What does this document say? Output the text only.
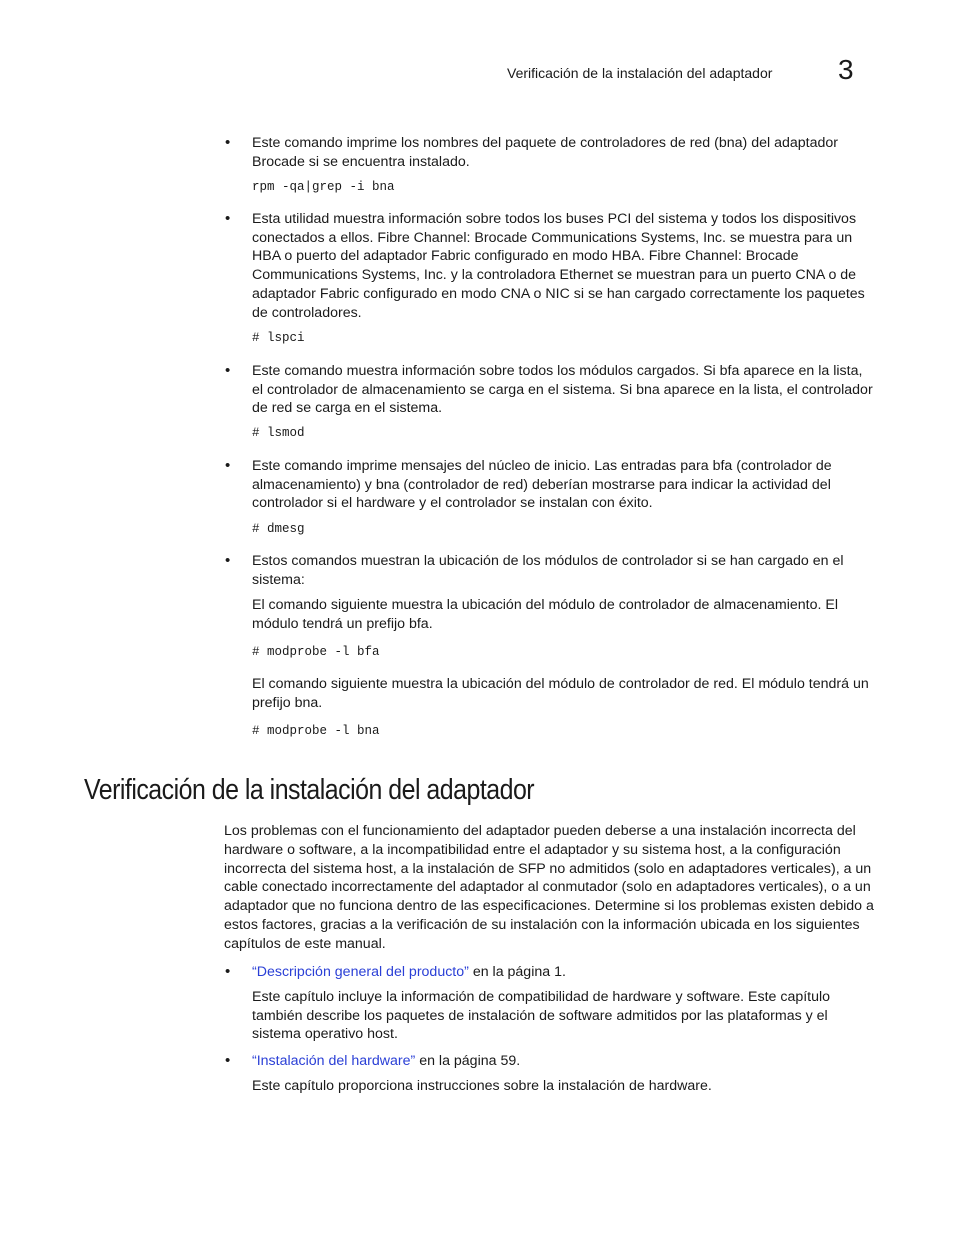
Verificación de la instalación del adaptador 3
• Este comando imprime los nombres del paquete de controladores de red (bna) del adaptador Brocade si se encuentra instalado.
rpm -qa|grep -i bna
• Esta utilidad muestra información sobre todos los buses PCI del sistema y todos los dispositivos conectados a ellos. Fibre Channel: Brocade Communications Systems, Inc. se muestra para un HBA o puerto del adaptador Fabric configurado en modo HBA. Fibre Channel: Brocade Communications Systems, Inc. y la controladora Ethernet se muestran para un puerto CNA o de adaptador Fabric configurado en modo CNA o NIC si se han cargado correctamente los paquetes de controladores.
# lspci
• Este comando muestra información sobre todos los módulos cargados. Si bfa aparece en la lista, el controlador de almacenamiento se carga en el sistema. Si bna aparece en la lista, el controlador de red se carga en el sistema.
# lsmod
• Este comando imprime mensajes del núcleo de inicio. Las entradas para bfa (controlador de almacenamiento) y bna (controlador de red) deberían mostrarse para indicar la actividad del controlador si el hardware y el controlador se instalan con éxito.
# dmesg
• Estos comandos muestran la ubicación de los módulos de controlador si se han cargado en el sistema:
El comando siguiente muestra la ubicación del módulo de controlador de almacenamiento. El módulo tendrá un prefijo bfa.
# modprobe -l bfa
El comando siguiente muestra la ubicación del módulo de controlador de red. El módulo tendrá un prefijo bna.
# modprobe -l bna
Verificación de la instalación del adaptador
Los problemas con el funcionamiento del adaptador pueden deberse a una instalación incorrecta del hardware o software, a la incompatibilidad entre el adaptador y su sistema host, a la configuración incorrecta del sistema host, a la instalación de SFP no admitidos (solo en adaptadores verticales), a un cable conectado incorrectamente del adaptador al conmutador (solo en adaptadores verticales), o a un adaptador que no funciona dentro de las especificaciones. Determine si los problemas existen debido a estos factores, gracias a la verificación de su instalación con la información ubicada en los siguientes capítulos de este manual.
• “Descripción general del producto” en la página 1.
Este capítulo incluye la información de compatibilidad de hardware y software. Este capítulo también describe los paquetes de instalación de software admitidos por las plataformas y el sistema operativo host.
• “Instalación del hardware” en la página 59.
Este capítulo proporciona instrucciones sobre la instalación de hardware.
